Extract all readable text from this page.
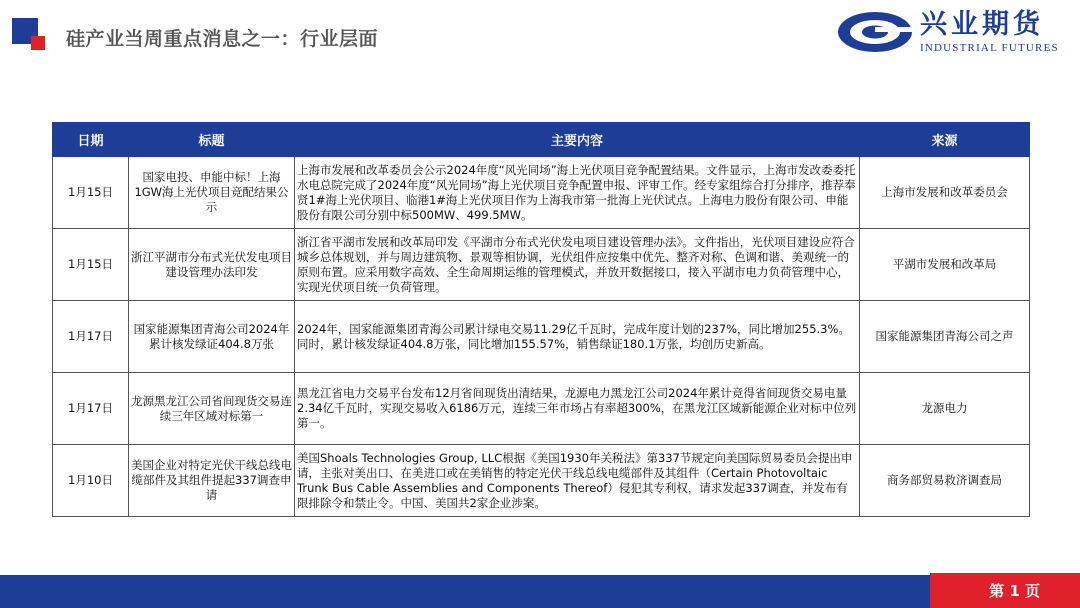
硅产业当周重点消息之一：行业层面	兴业期货
INDUSTRIAL FUTURES
日期	标题	主要内容	来源
1月15日	国家电投、申能中标！上海1GW海上光伏项目竞配结果公示	上海市发展和改革委员会公示2024年度“风光同场”海上光伏项目竞争配置结果。文件显示，上海市发改委委托水电总院完成了2024年度“风光同场”海上光伏项目竞争配置申报、评审工作。经专家组综合打分排序，推荐奉贤1#海上光伏项目、临港1#海上光伏项目作为上海我市第一批海上光伏试点。上海电力股份有限公司、申能股份有限公司分别中标500MW、499.5MW。	上海市发展和改革委员会
1月15日	浙江平湖市分布式光伏发电项目建设管理办法印发	浙江省平湖市发展和改革局印发《平湖市分布式光伏发电项目建设管理办法》。文件指出，光伏项目建设应符合城乡总体规划，并与周边建筑物、景观等相协调，光伏组件应按集中优先、整齐对称、色调和谐、美观统一的原则布置。应采用数字高效、全生命周期运维的管理模式，并放开数据接口，接入平湖市电力负荷管理中心，实现光伏项目统一负荷管理。	平湖市发展和改革局
1月17日	国家能源集团青海公司2024年累计核发绿证404.8万张	2024年，国家能源集团青海公司累计绿电交易11.29亿千瓦时，完成年度计划的237%，同比增加255.3%。同时，累计核发绿证404.8万张，同比增加155.57%，销售绿证180.1万张，均创历史新高。	国家能源集团青海公司之声
1月17日	龙源黑龙江公司省间现货交易连续三年区域对标第一	黑龙江省电力交易平台发布12月省间现货出清结果，龙源电力黑龙江公司2024年累计竞得省间现货交易电量2.34亿千瓦时，实现交易收入6186万元，连续三年市场占有率超300%，在黑龙江区域新能源企业对标中位列第一。	龙源电力
1月10日	美国企业对特定光伏干线总线电缆部件及其组件提起337调查申请	美国Shoals Technologies Group, LLC根据《美国1930年关税法》第337节规定向美国际贸易委员会提出申请，主张对美出口、在美进口或在美销售的特定光伏干线总线电缆部件及其组件（Certain Photovoltaic Trunk Bus Cable Assemblies and Components Thereof）侵犯其专利权，请求发起337调查，并发布有限排除令和禁止令。中国、美国共2家企业涉案。	商务部贸易救济调查局
第 1 页
